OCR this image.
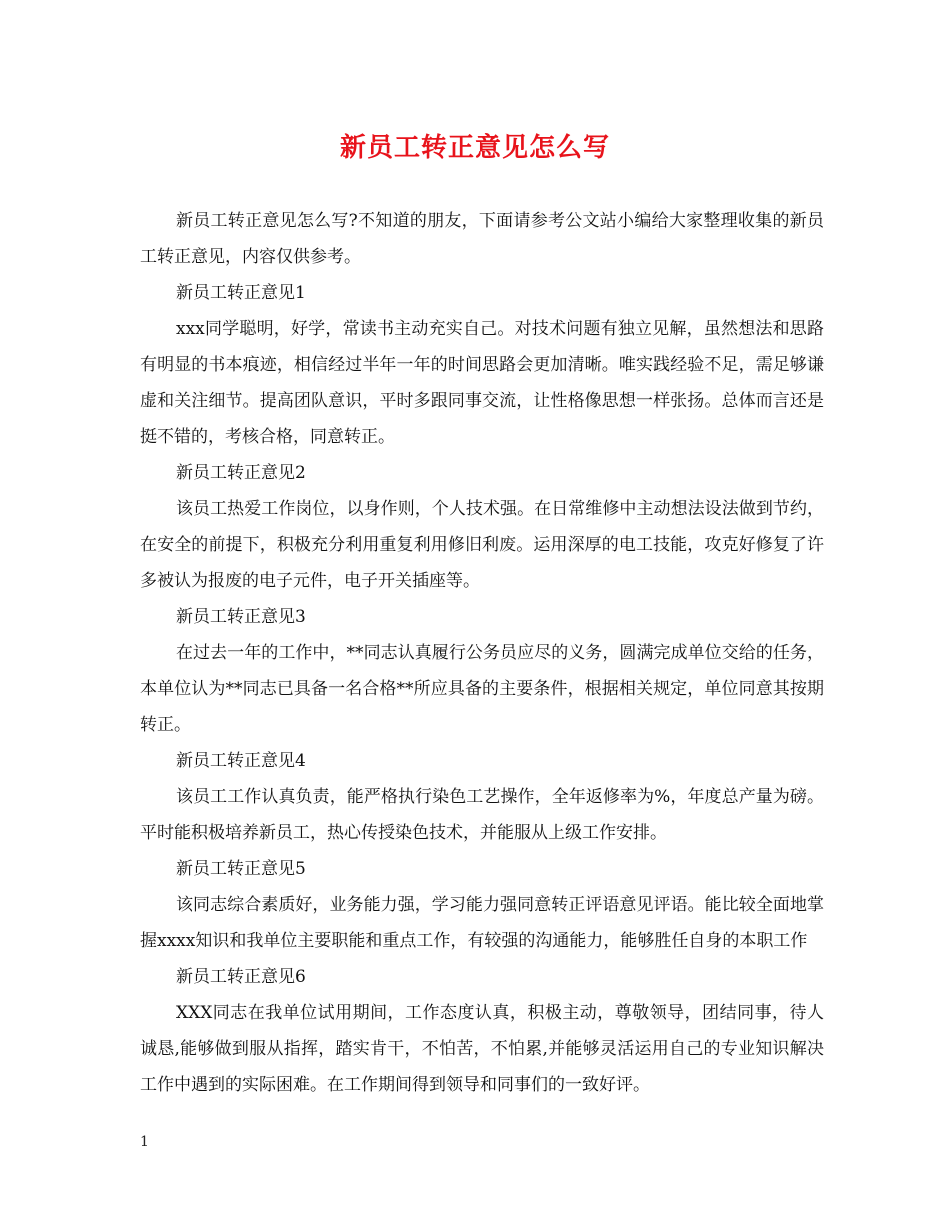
新员工转正意见怎么写

新员工转正意见怎么写?不知道的朋友，下面请参考公文站小编给大家整理收集的新员工转正意见，内容仅供参考。

新员工转正意见1

xxx同学聪明，好学，常读书主动充实自己。对技术问题有独立见解，虽然想法和思路有明显的书本痕迹，相信经过半年一年的时间思路会更加清晰。唯实践经验不足，需足够谦虚和关注细节。提高团队意识，平时多跟同事交流，让性格像思想一样张扬。总体而言还是挺不错的，考核合格，同意转正。

新员工转正意见2

该员工热爱工作岗位，以身作则，个人技术强。在日常维修中主动想法设法做到节约，在安全的前提下，积极充分利用重复利用修旧利废。运用深厚的电工技能，攻克好修复了许多被认为报废的电子元件，电子开关插座等。

新员工转正意见3

在过去一年的工作中，**同志认真履行公务员应尽的义务，圆满完成单位交给的任务，本单位认为**同志已具备一名合格**所应具备的主要条件，根据相关规定，单位同意其按期转正。

新员工转正意见4

该员工工作认真负责，能严格执行染色工艺操作，全年返修率为%，年度总产量为磅。平时能积极培养新员工，热心传授染色技术，并能服从上级工作安排。

新员工转正意见5

该同志综合素质好，业务能力强，学习能力强同意转正评语意见评语。能比较全面地掌握xxxx知识和我单位主要职能和重点工作，有较强的沟通能力，能够胜任自身的本职工作

新员工转正意见6

XXX同志在我单位试用期间，工作态度认真，积极主动，尊敬领导，团结同事，待人诚恳,能够做到服从指挥，踏实肯干，不怕苦，不怕累,并能够灵活运用自己的专业知识解决工作中遇到的实际困难。在工作期间得到领导和同事们的一致好评。

1
